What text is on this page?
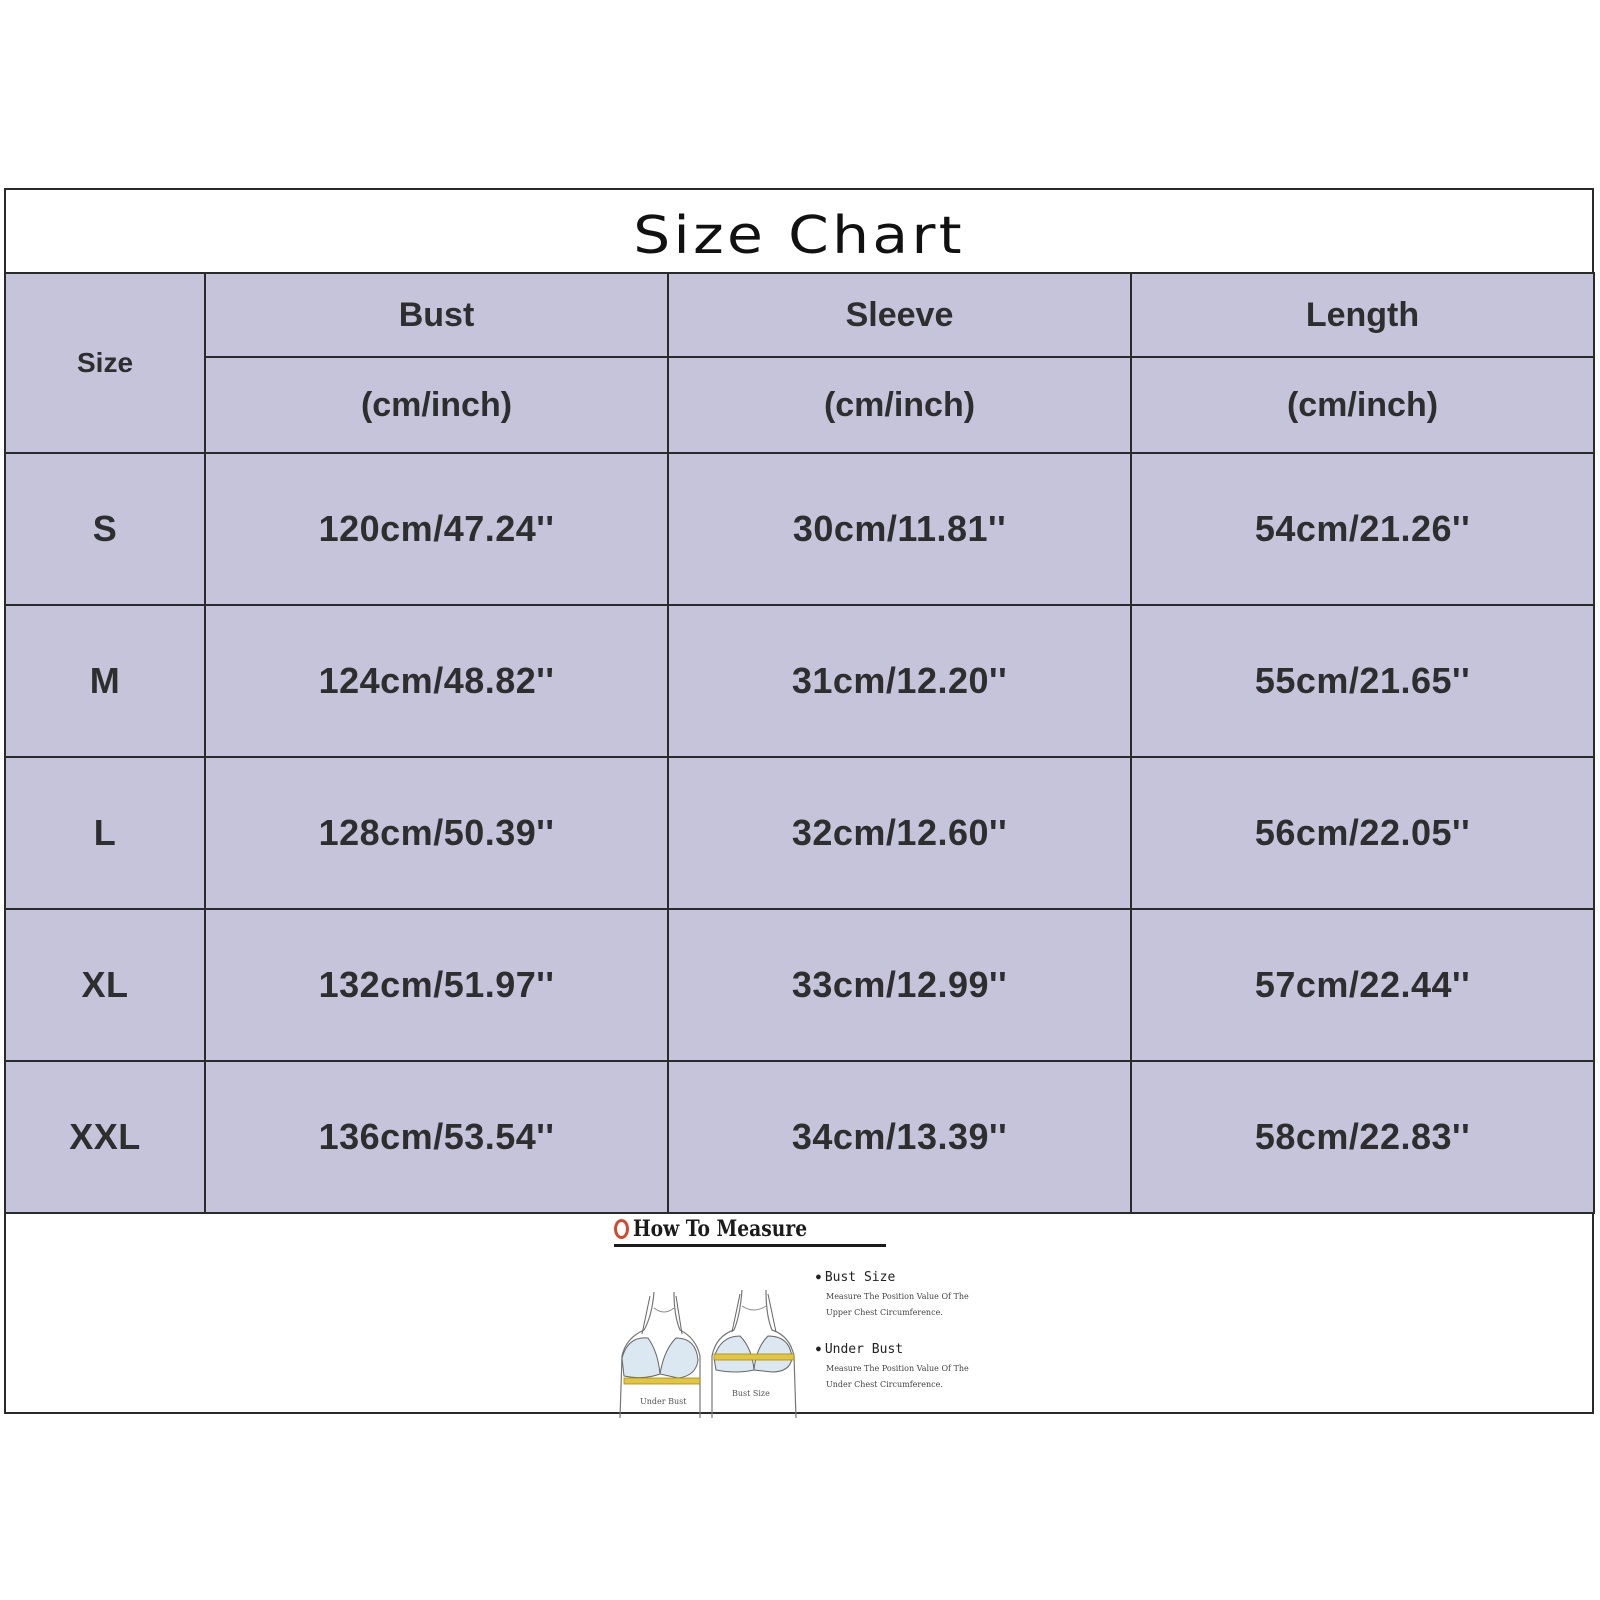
Size Chart
Size	Bust	Sleeve	Length
	(cm/inch)	(cm/inch)	(cm/inch)
S	120cm/47.24''	30cm/11.81''	54cm/21.26''
M	124cm/48.82''	31cm/12.20''	55cm/21.65''
L	128cm/50.39''	32cm/12.60''	56cm/22.05''
XL	132cm/51.97''	33cm/12.99''	57cm/22.44''
XXL	136cm/53.54''	34cm/13.39''	58cm/22.83''
How To Measure
Under Bust
Bust Size
● Bust Size
Measure The Position Value Of The Upper Chest Circumference.
● Under Bust
Measure The Position Value Of The Under Chest Circumference.
